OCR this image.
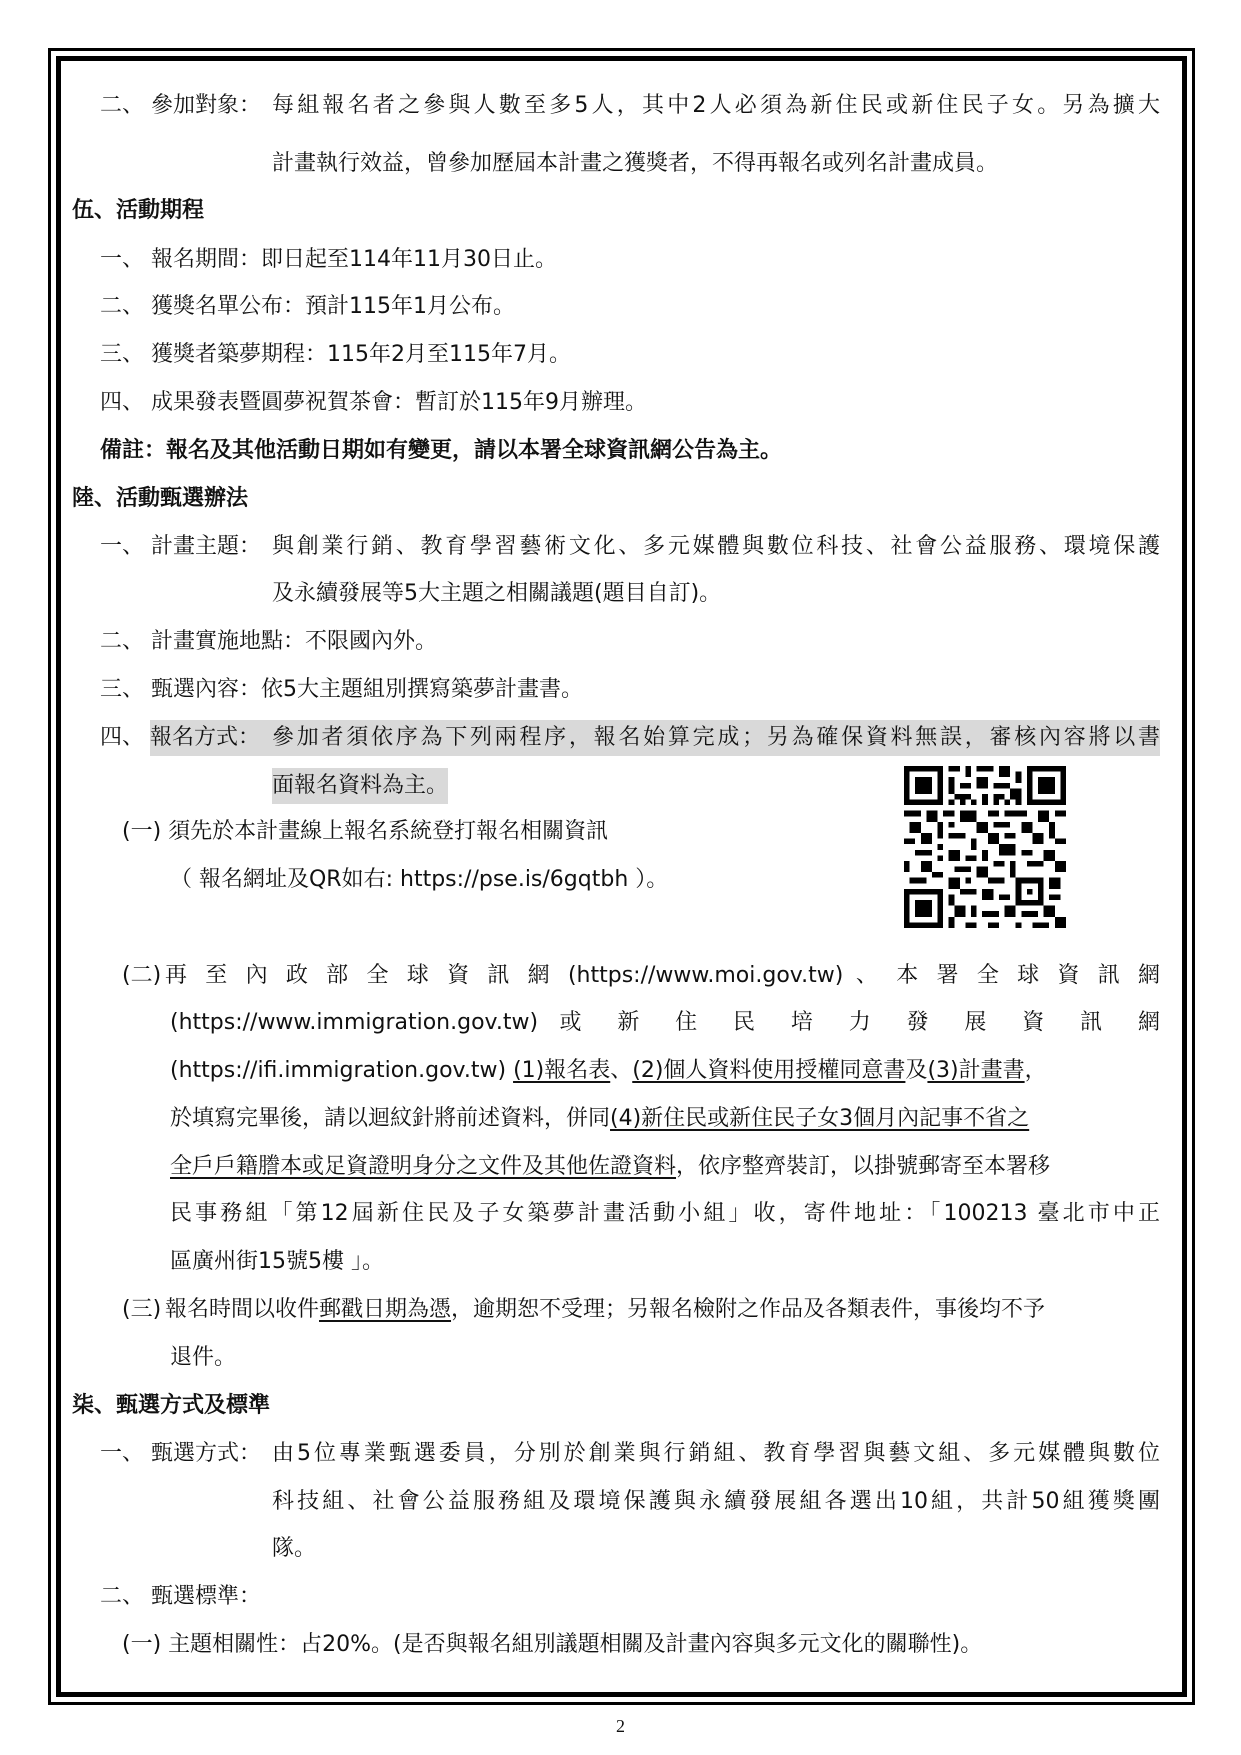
二、 參加對象： 每組報名者之參與人數至多5人，其中2人必須為新住民或新住民子女。另為擴大
計畫執行效益，曾參加歷屆本計畫之獲獎者，不得再報名或列名計畫成員。
伍、活動期程
一、 報名期間：即日起至114年11月30日止。
二、 獲獎名單公布：預計115年1月公布。
三、 獲獎者築夢期程：115年2月至115年7月。
四、 成果發表暨圓夢祝賀茶會：暫訂於115年9月辦理。
備註：報名及其他活動日期如有變更，請以本署全球資訊網公告為主。
陸、活動甄選辦法
一、 計畫主題： 與創業行銷、教育學習藝術文化、多元媒體與數位科技、社會公益服務、環境保護
及永續發展等5大主題之相關議題(題目自訂)。
二、 計畫實施地點：不限國內外。
三、 甄選內容：依5大主題組別撰寫築夢計畫書。
四、 報名方式： 參加者須依序為下列兩程序，報名始算完成；另為確保資料無誤，審核內容將以書
面報名資料為主。
(一) 須先於本計畫線上報名系統登打報名相關資訊
（ 報名網址及QR如右: https://pse.is/6gqtbh ）。
(二) 再 至 內 政 部 全 球 資 訊 網 (https://www.moi.gov.tw) 、 本 署 全 球 資 訊 網
(https://www.immigration.gov.tw) 或 新 住 民 培 力 發 展 資 訊 網
(https://ifi.immigration.gov.tw) (1)報名表、(2)個人資料使用授權同意書及(3)計畫書，
於填寫完畢後，請以迴紋針將前述資料，併同(4)新住民或新住民子女3個月內記事不省之
全戶戶籍謄本或足資證明身分之文件及其他佐證資料，依序整齊裝訂，以掛號郵寄至本署移
民事務組「第12屆新住民及子女築夢計畫活動小組」收，寄件地址：「100213 臺北市中正
區廣州街15號5樓 」。
(三) 報名時間以收件郵戳日期為憑，逾期恕不受理；另報名檢附之作品及各類表件，事後均不予
退件。
柒、甄選方式及標準
一、 甄選方式： 由5位專業甄選委員，分別於創業與行銷組、教育學習與藝文組、多元媒體與數位
科技組、社會公益服務組及環境保護與永續發展組各選出10組，共計50組獲獎團
隊。
二、 甄選標準：
(一) 主題相關性：占20%。(是否與報名組別議題相關及計畫內容與多元文化的關聯性)。
2
